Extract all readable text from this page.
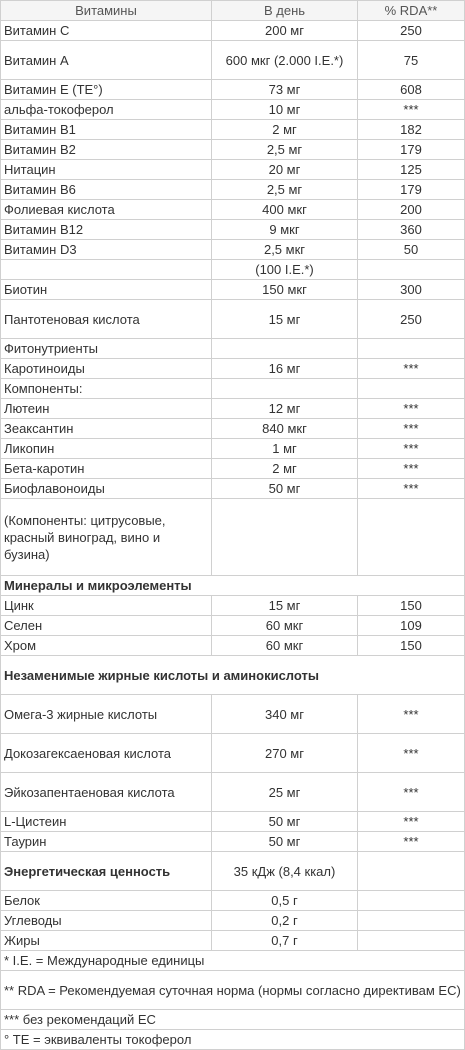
Витамины	В день	% RDA**
Витамин С	200 мг	250
Витамин А	600 мкг (2.000 I.E.*)	75
Витамин Е (ТЕ°)	73 мг	608
альфа-токоферол	10 мг	***
Витамин В1	2 мг	182
Витамин В2	2,5 мг	179
Нитацин	20 мг	125
Витамин В6	2,5 мг	179
Фолиевая кислота	400 мкг	200
Витамин В12	9 мкг	360
Витамин D3	2,5 мкг	50
	(100 I.E.*)	
Биотин	150 мкг	300
Пантотеновая кислота	15 мг	250
Фитонутриенты		
Каротиноиды	16 мг	***
Компоненты:		
Лютеин	12 мг	***
Зеаксантин	840 мкг	***
Ликопин	1 мг	***
Бета-каротин	2 мг	***
Биофлавоноиды	50 мг	***
(Компоненты: цитрусовые, красный виноград, вино и бузина)		
Минералы и микроэлементы		
Цинк	15 мг	150
Селен	60 мкг	109
Хром	60 мкг	150
Незаменимые жирные кислоты и аминокислоты		
Омега-3 жирные кислоты	340 мг	***
Докозагексаеновая кислота	270 мг	***
Эйкозапентаеновая кислота	25 мг	***
L-Цистеин	50 мг	***
Таурин	50 мг	***
Энергетическая ценность	35 кДж (8,4 ккал)	
Белок	0,5 г	
Углеводы	0,2 г	
Жиры	0,7 г	
* I.E. = Международные единицы		
** RDA = Рекомендуемая суточная норма (нормы согласно директивам ЕС)		
*** без рекомендаций ЕС		
° ТЕ = эквиваленты токоферол		
